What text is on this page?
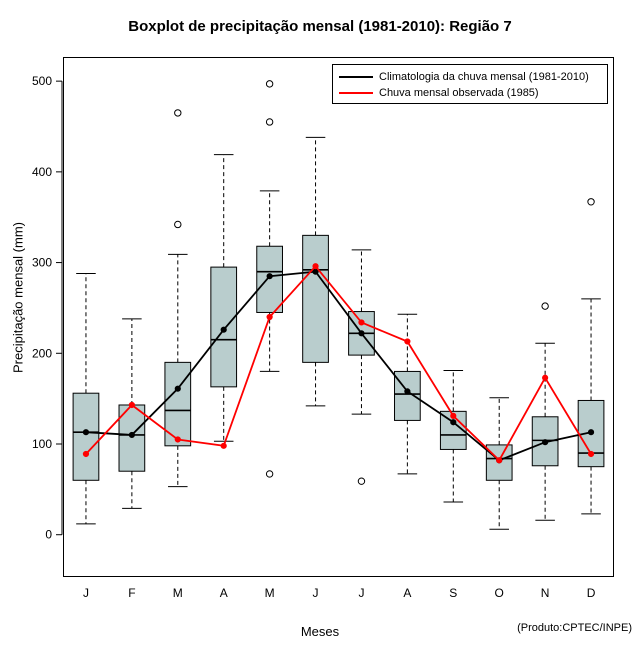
Boxplot de precipitação mensal (1981-2010): Região 7
Precipitação mensal (mm)
Meses	(Produto:CPTEC/INPE)
0
100
200
300
400
500
J	F	M	A	M	J	J	A	S	O	N	D
Climatologia da chuva mensal (1981-2010)
Chuva mensal observada (1985)
